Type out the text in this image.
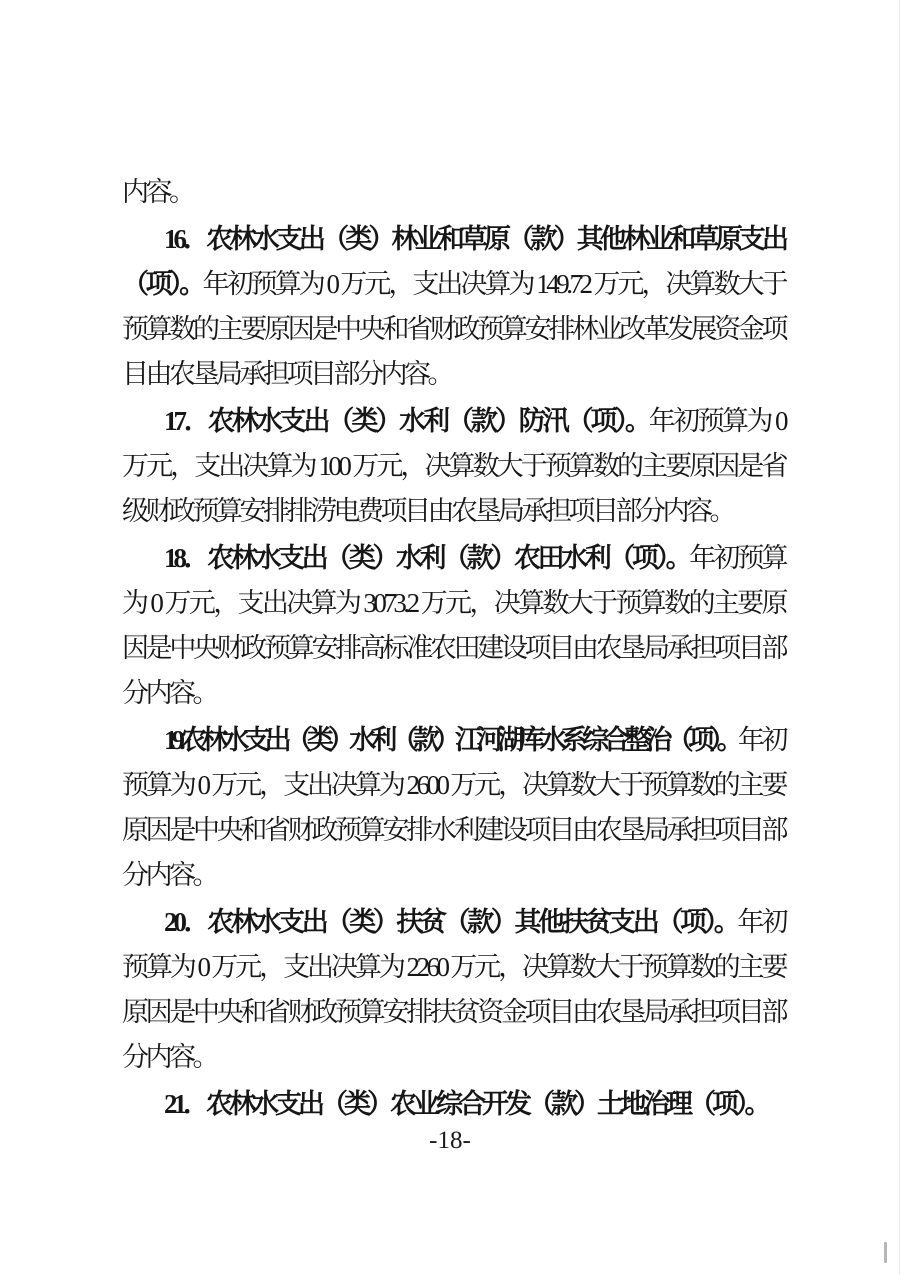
内容。

16．农林水支出（类）林业和草原（款）其他林业和草原支出（项）。年初预算为 0 万元，支出决算为 149.72 万元，决算数大于预算数的主要原因是中央和省财政预算安排林业改革发展资金项目由农垦局承担项目部分内容。

17．农林水支出（类）水利（款）防汛（项）。年初预算为 0 万元，支出决算为 100 万元，决算数大于预算数的主要原因是省级财政预算安排排涝电费项目由农垦局承担项目部分内容。

18．农林水支出（类）水利（款）农田水利（项）。年初预算为 0 万元，支出决算为 3073.2 万元，决算数大于预算数的主要原因是中央财政预算安排高标准农田建设项目由农垦局承担项目部分内容。

19.农林水支出（类）水利（款）江河湖库水系综合整治（项）。年初预算为 0 万元，支出决算为 2600 万元，决算数大于预算数的主要原因是中央和省财政预算安排水利建设项目由农垦局承担项目部分内容。

20．农林水支出（类）扶贫（款）其他扶贫支出（项）。年初预算为 0 万元，支出决算为 2260 万元，决算数大于预算数的主要原因是中央和省财政预算安排扶贫资金项目由农垦局承担项目部分内容。

21．农林水支出（类）农业综合开发（款）土地治理（项）。

-18-
